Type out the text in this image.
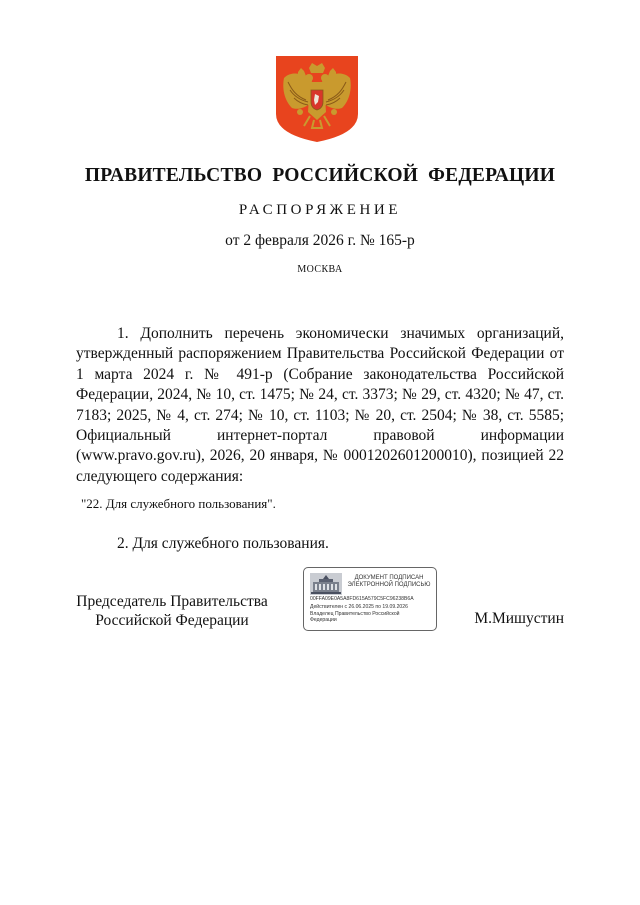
ПРАВИТЕЛЬСТВО РОССИЙСКОЙ ФЕДЕРАЦИИ
РАСПОРЯЖЕНИЕ
от 2 февраля 2026 г. № 165-р
МОСКВА

1. Дополнить перечень экономически значимых организаций, утвержденный распоряжением Правительства Российской Федерации от 1 марта 2024 г. № 491-р (Собрание законодательства Российской Федерации, 2024, № 10, ст. 1475; № 24, ст. 3373; № 29, ст. 4320; № 47, ст. 7183; 2025, № 4, ст. 274; № 10, ст. 1103; № 20, ст. 2504; № 38, ст. 5585; Официальный интернет-портал правовой информации (www.pravo.gov.ru), 2026, 20 января, № 0001202601200010), позицией 22 следующего содержания:

"22. Для служебного пользования".
2. Для служебного пользования.
Председатель Правительства
Российской Федерации
ДОКУМЕНТ ПОДПИСАН
ЭЛЕКТРОННОЙ ПОДПИСЬЮ
00FFA09E0A5A8FD615A579C5FC96238B6A
Действителен с 26.06.2025 по 19.09.2026
Владелец Правительство Российской
Федерации	М.Мишустин
